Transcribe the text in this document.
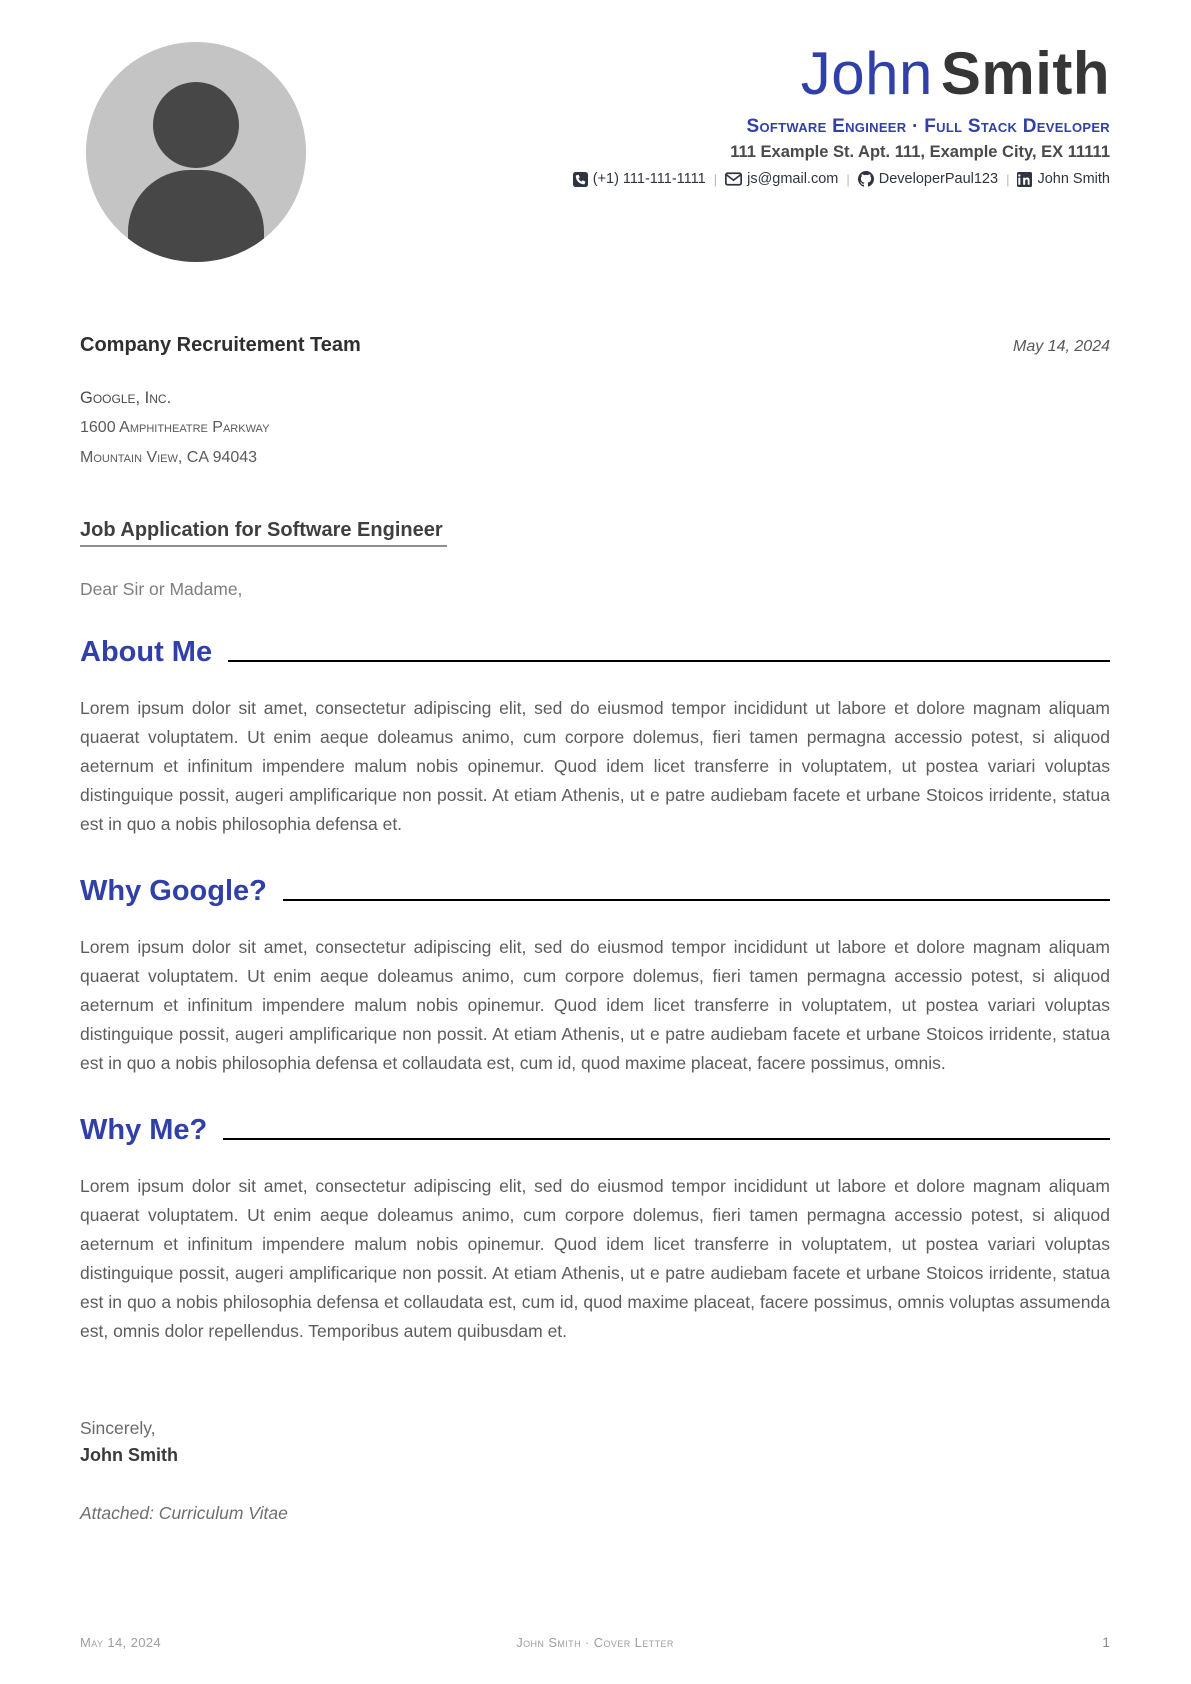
John Smith
Software Engineer · Full Stack Developer
111 Example St. Apt. 111, Example City, EX 11111
(+1) 111-111-1111 | js@gmail.com | DeveloperPaul123 | John Smith
Company Recruitement Team	May 14, 2024
Google, Inc.
1600 Amphitheatre Parkway
Mountain View, CA 94043
Job Application for Software Engineer
Dear Sir or Madame,
About Me

Lorem ipsum dolor sit amet, consectetur adipiscing elit, sed do eiusmod tempor incididunt ut labore et dolore magnam aliquam quaerat voluptatem. Ut enim aeque doleamus animo, cum corpore dolemus, fieri tamen permagna accessio potest, si aliquod aeternum et infinitum impendere malum nobis opinemur. Quod idem licet transferre in voluptatem, ut postea variari voluptas distinguique possit, augeri amplificarique non possit. At etiam Athenis, ut e patre audiebam facete et urbane Stoicos irridente, statua est in quo a nobis philosophia defensa et.

Why Google?

Lorem ipsum dolor sit amet, consectetur adipiscing elit, sed do eiusmod tempor incididunt ut labore et dolore magnam aliquam quaerat voluptatem. Ut enim aeque doleamus animo, cum corpore dolemus, fieri tamen permagna accessio potest, si aliquod aeternum et infinitum impendere malum nobis opinemur. Quod idem licet transferre in voluptatem, ut postea variari voluptas distinguique possit, augeri amplificarique non possit. At etiam Athenis, ut e patre audiebam facete et urbane Stoicos irridente, statua est in quo a nobis philosophia defensa et collaudata est, cum id, quod maxime placeat, facere possimus, omnis.

Why Me?

Lorem ipsum dolor sit amet, consectetur adipiscing elit, sed do eiusmod tempor incididunt ut labore et dolore magnam aliquam quaerat voluptatem. Ut enim aeque doleamus animo, cum corpore dolemus, fieri tamen permagna accessio potest, si aliquod aeternum et infinitum impendere malum nobis opinemur. Quod idem licet transferre in voluptatem, ut postea variari voluptas distinguique possit, augeri amplificarique non possit. At etiam Athenis, ut e patre audiebam facete et urbane Stoicos irridente, statua est in quo a nobis philosophia defensa et collaudata est, cum id, quod maxime placeat, facere possimus, omnis voluptas assumenda est, omnis dolor repellendus. Temporibus autem quibusdam et.

Sincerely,
John Smith
Attached: Curriculum Vitae
May 14, 2024	John Smith · Cover Letter	1
